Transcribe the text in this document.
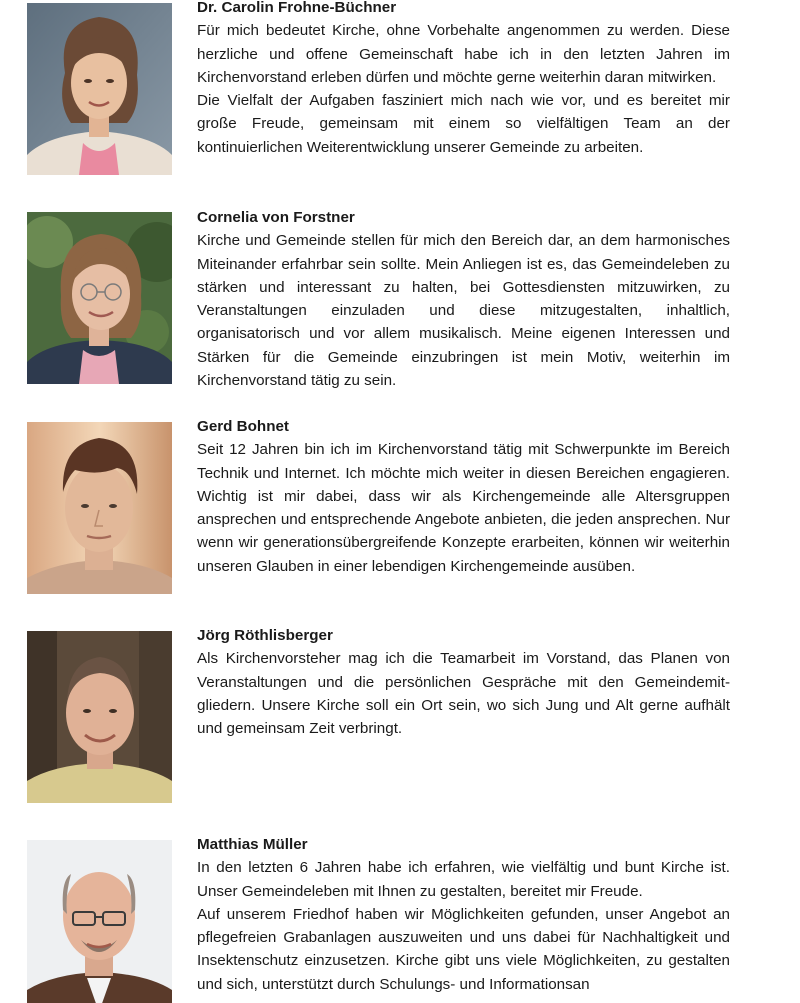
Dr. Carolin Frohne-Büchner

Für mich bedeutet Kirche, ohne Vorbehalte angenommen zu werden. Diese herzliche und offene Gemeinschaft habe ich in den letzten Jahren im Kirchenvorstand erleben dürfen und möchte gerne weiterhin daran mitwirken.

Die Vielfalt der Aufgaben fasziniert mich nach wie vor, und es bereitet mir große Freude, gemeinsam mit einem so vielfältigen Team an der kontinuierlichen Weiterentwicklung unserer Gemeinde zu arbeiten.

Cornelia von Forstner

Kirche und Gemeinde stellen für mich den Bereich dar, an dem harmonisches Miteinander erfahrbar sein sollte. Mein Anliegen ist es, das Gemeindeleben zu stärken und interessant zu halten, bei Gottesdiensten mitzuwirken, zu Veranstaltungen einzuladen und diese mitzugestalten, inhaltlich, organisatorisch und vor allem musikalisch. Meine eigenen Interessen und Stärken für die Gemeinde einzubringen ist mein Motiv, weiterhin im Kirchenvorstand tätig zu sein.

Gerd Bohnet

Seit 12 Jahren bin ich im Kirchenvorstand tätig mit Schwerpunkte im Bereich Technik und Internet. Ich möchte mich weiter in diesen Bereichen engagieren. Wichtig ist mir dabei, dass wir als Kirchengemeinde alle Altersgruppen ansprechen und entsprechende Angebote anbieten, die jeden ansprechen. Nur wenn wir generationsübergreifende Konzepte erarbeiten, können wir weiterhin unseren Glauben in einer lebendigen Kirchengemeinde ausüben.

Jörg Röthlisberger

Als Kirchenvorsteher mag ich die Teamarbeit im Vorstand, das Planen von Veranstaltungen und die persönlichen Gespräche mit den Gemeindemitgliedern. Unsere Kirche soll ein Ort sein, wo sich Jung und Alt gerne aufhält und gemeinsam Zeit verbringt.

Matthias Müller

In den letzten 6 Jahren habe ich erfahren, wie vielfältig und bunt Kirche ist. Unser Gemeindeleben mit Ihnen zu gestalten, bereitet mir Freude.

Auf unserem Friedhof haben wir Möglichkeiten gefunden, unser Angebot an pflegefreien Grabanlagen auszuweiten und uns dabei für Nachhaltigkeit und Insektenschutz einzusetzen. Kirche gibt uns viele Möglichkeiten, zu gestalten und sich, unterstützt durch Schulungs- und Informationsan
